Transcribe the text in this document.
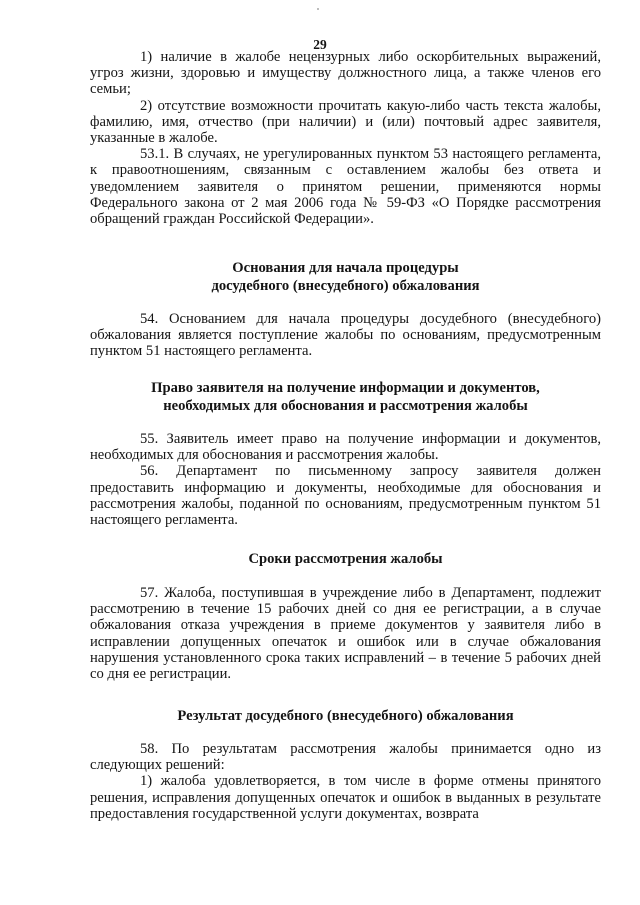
29

1) наличие в жалобе нецензурных либо оскорбительных выражений, угроз жизни, здоровью и имуществу должностного лица, а также членов его семьи;

2) отсутствие возможности прочитать какую-либо часть текста жалобы, фамилию, имя, отчество (при наличии) и (или) почтовый адрес заявителя, указанные в жалобе.

53.1. В случаях, не урегулированных пунктом 53 настоящего регламента, к правоотношениям, связанным с оставлением жалобы без ответа и уведомлением заявителя о принятом решении, применяются нормы Федерального закона от 2 мая 2006 года № 59-ФЗ «О Порядке рассмотрения обращений граждан Российской Федерации».

Основания для начала процедуры
досудебного (внесудебного) обжалования

54. Основанием для начала процедуры досудебного (внесудебного) обжалования является поступление жалобы по основаниям, предусмотренным пунктом 51 настоящего регламента.

Право заявителя на получение информации и документов,
необходимых для обоснования и рассмотрения жалобы

55. Заявитель имеет право на получение информации и документов, необходимых для обоснования и рассмотрения жалобы.

56. Департамент по письменному запросу заявителя должен предоставить информацию и документы, необходимые для обоснования и рассмотрения жалобы, поданной по основаниям, предусмотренным пунктом 51 настоящего регламента.

Сроки рассмотрения жалобы

57. Жалоба, поступившая в учреждение либо в Департамент, подлежит рассмотрению в течение 15 рабочих дней со дня ее регистрации, а в случае обжалования отказа учреждения в приеме документов у заявителя либо в исправлении допущенных опечаток и ошибок или в случае обжалования нарушения установленного срока таких исправлений – в течение 5 рабочих дней со дня ее регистрации.

Результат досудебного (внесудебного) обжалования

58. По результатам рассмотрения жалобы принимается одно из следующих решений:

1) жалоба удовлетворяется, в том числе в форме отмены принятого решения, исправления допущенных опечаток и ошибок в выданных в результате предоставления государственной услуги документах, возврата
